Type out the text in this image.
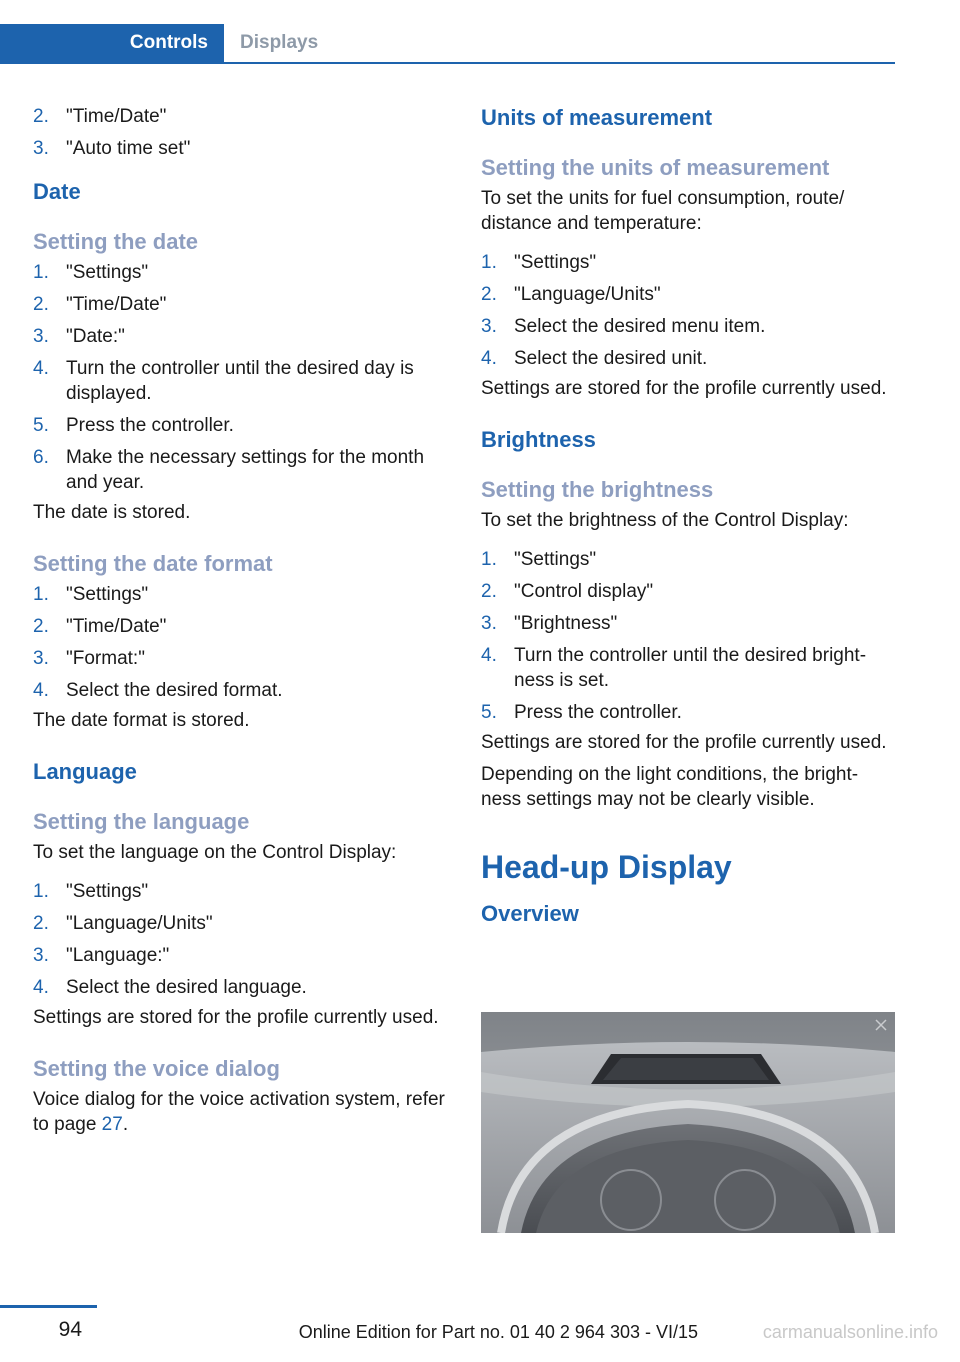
Controls	Displays
2. "Time/Date"
3. "Auto time set"
Date
Setting the date
1. "Settings"
2. "Time/Date"
3. "Date:"
4. Turn the controller until the desired day is displayed.
5. Press the controller.
6. Make the necessary settings for the month and year.
The date is stored.
Setting the date format
1. "Settings"
2. "Time/Date"
3. "Format:"
4. Select the desired format.
The date format is stored.
Language
Setting the language
To set the language on the Control Display:
1. "Settings"
2. "Language/Units"
3. "Language:"
4. Select the desired language.
Settings are stored for the profile currently used.
Setting the voice dialog
Voice dialog for the voice activation system, refer to page 27.
Units of measurement
Setting the units of measurement
To set the units for fuel consumption, route/ distance and temperature:
1. "Settings"
2. "Language/Units"
3. Select the desired menu item.
4. Select the desired unit.
Settings are stored for the profile currently used.
Brightness
Setting the brightness
To set the brightness of the Control Display:
1. "Settings"
2. "Control display"
3. "Brightness"
4. Turn the controller until the desired bright‐ ness is set.
5. Press the controller.
Settings are stored for the profile currently used.
Depending on the light conditions, the bright‐ ness settings may not be clearly visible.
Head-up Display
Overview
94	Online Edition for Part no. 01 40 2 964 303 - VI/15	carmanualsonline.info
